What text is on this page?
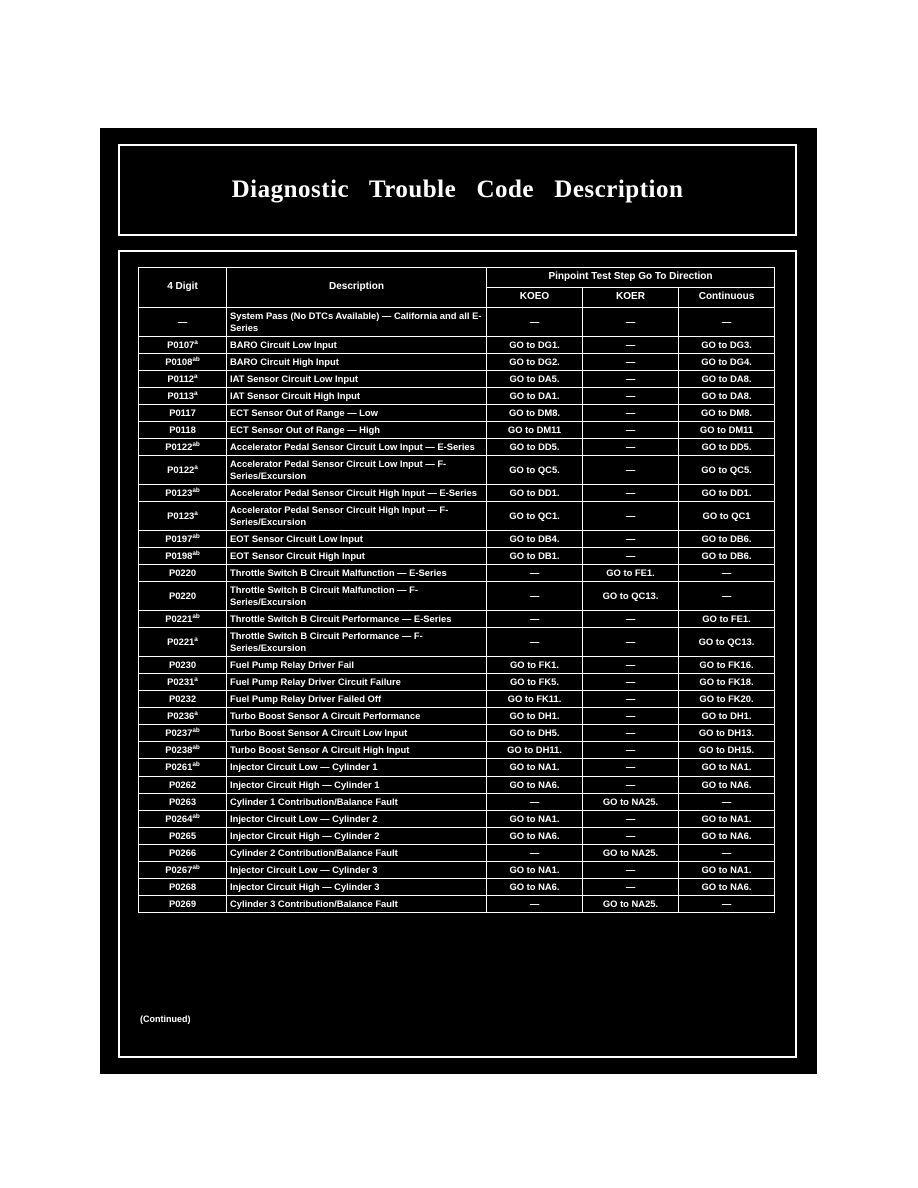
Diagnostic   Trouble   Code   Description
4 Digit	Description	Pinpoint Test Step Go To Direction		
		KOEO	KOER	Continuous
—	System Pass (No DTCs Available) — California and all E-Series	—	—	—
P0107$^a$	BARO Circuit Low Input	GO to DG1.	—	GO to DG3.
$P0108^{ab}$	BARO Circuit High Input	GO to DG2.	—	GO to DG4.
P0112$^a$	IAT Sensor Circuit Low Input	GO to DA5.	—	GO to DA8.
P0113$^a$	IAT Sensor Circuit High Input	GO to DA1.	—	GO to DA8.
P0117	ECT Sensor Out of Range — Low	GO to DM8.	—	GO to DM8.
P0118	ECT Sensor Out of Range — High	GO to DM11	—	GO to DM11
$P0122^{ab}$	Accelerator Pedal Sensor Circuit Low Input — E-Series	GO to DD5.	—	GO to DD5.
P0122$^a$	Accelerator Pedal Sensor Circuit Low Input — F-Series/Excursion	GO to QC5.	—	GO to QC5.
$P0123^{ab}$	Accelerator Pedal Sensor Circuit High Input — E-Series	GO to DD1.	—	GO to DD1.
P0123$^a$	Accelerator Pedal Sensor Circuit High Input — F-Series/Excursion	GO to QC1.	—	GO to QC1
$P0197^{ab}$	EOT Sensor Circuit Low Input	GO to DB4.	—	GO to DB6.
$P0198^{ab}$	EOT Sensor Circuit High Input	GO to DB1.	—	GO to DB6.
P0220	Throttle Switch B Circuit Malfunction — E-Series	—	GO to FE1.	—
P0220	Throttle Switch B Circuit Malfunction — F-Series/Excursion	—	GO to QC13.	—
$P0221^{ab}$	Throttle Switch B Circuit Performance — E-Series	—	—	GO to FE1.
P0221$^a$	Throttle Switch B Circuit Performance — F-Series/Excursion	—	—	GO to QC13.
P0230	Fuel Pump Relay Driver Fail	GO to FK1.	—	GO to FK16.
P0231$^a$	Fuel Pump Relay Driver Circuit Failure	GO to FK5.	—	GO to FK18.
P0232	Fuel Pump Relay Driver Failed Off	GO to FK11.	—	GO to FK20.
P0236$^a$	Turbo Boost Sensor A Circuit Performance	GO to DH1.	—	GO to DH1.
$P0237^{ab}$	Turbo Boost Sensor A Circuit Low Input	GO to DH5.	—	GO to DH13.
$P0238^{ab}$	Turbo Boost Sensor A Circuit High Input	GO to DH11.	—	GO to DH15.
$P0261^{ab}$	Injector Circuit Low — Cylinder 1	GO to NA1.	—	GO to NA1.
P0262	Injector Circuit High — Cylinder 1	GO to NA6.	—	GO to NA6.
P0263	Cylinder 1 Contribution/Balance Fault	—	GO to NA25.	—
$P0264^{ab}$	Injector Circuit Low — Cylinder 2	GO to NA1.	—	GO to NA1.
P0265	Injector Circuit High — Cylinder 2	GO to NA6.	—	GO to NA6.
P0266	Cylinder 2 Contribution/Balance Fault	—	GO to NA25.	—
$P0267^{ab}$	Injector Circuit Low — Cylinder 3	GO to NA1.	—	GO to NA1.
P0268	Injector Circuit High — Cylinder 3	GO to NA6.	—	GO to NA6.
P0269	Cylinder 3 Contribution/Balance Fault	—	GO to NA25.	—
(Continued)
